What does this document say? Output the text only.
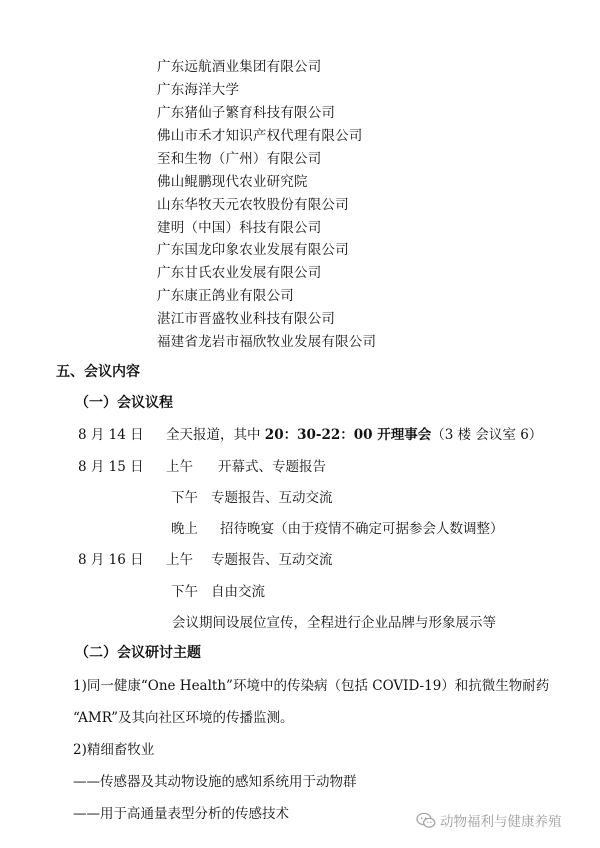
广东远航酒业集团有限公司
广东海洋大学
广东猪仙子繁育科技有限公司
佛山市禾才知识产权代理有限公司
至和生物（广州）有限公司
佛山鲲鹏现代农业研究院
山东华牧天元农牧股份有限公司
建明（中国）科技有限公司
广东国龙印象农业发展有限公司
广东甘氏农业发展有限公司
广东康正鸽业有限公司
湛江市晋盛牧业科技有限公司
福建省龙岩市福欣牧业发展有限公司
五、会议内容
（一）会议议程
8 月 14 日 全天报道，其中 20：30-22：00 开理事会（3 楼 会议室 6）
8 月 15 日 上午 开幕式、专题报告
下午 专题报告、互动交流
晚上 招待晚宴（由于疫情不确定可据参会人数调整）
8 月 16 日 上午 专题报告、互动交流
下午 自由交流
会议期间设展位宣传，全程进行企业品牌与形象展示等
（二）会议研讨主题
1)同一健康“One Health”环境中的传染病（包括 COVID-19）和抗微生物耐药
“AMR”及其向社区环境的传播监测。
2)精细畜牧业
——传感器及其动物设施的感知系统用于动物群
——用于高通量表型分析的传感技术	动物福利与健康养殖
